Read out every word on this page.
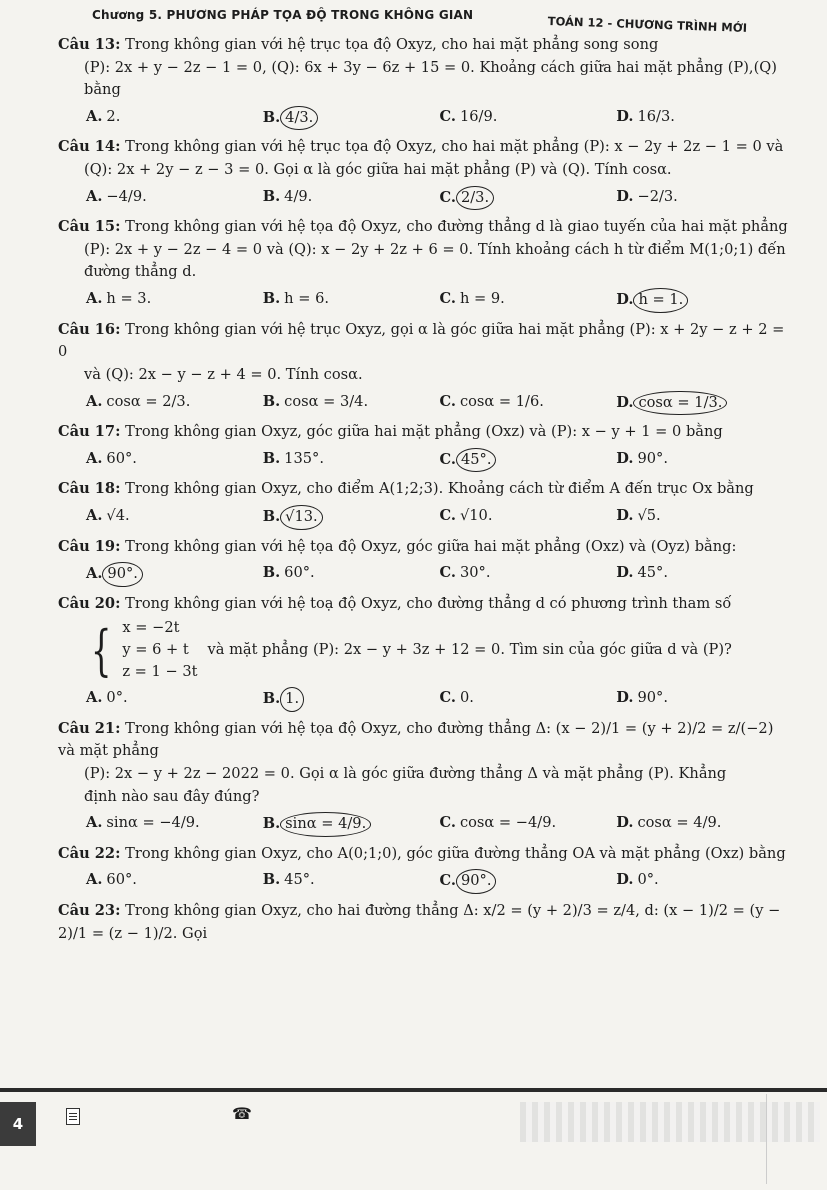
Chương 5. PHƯƠNG PHÁP TỌA ĐỘ TRONG KHÔNG GIAN	TOÁN 12 - CHƯƠNG TRÌNH MỚI
Câu 13: Trong không gian với hệ trục tọa độ Oxyz, cho hai mặt phẳng song song
(P): 2x + y − 2z − 1 = 0, (Q): 6x + 3y − 6z + 15 = 0. Khoảng cách giữa hai mặt phẳng (P),(Q)
bằng
A. 2.	B. 4/3.	C. 16/9.	D. 16/3.
Câu 14: Trong không gian với hệ trục tọa độ Oxyz, cho hai mặt phẳng (P): x − 2y + 2z − 1 = 0 và
(Q): 2x + 2y − z − 3 = 0. Gọi α là góc giữa hai mặt phẳng (P) và (Q). Tính cosα.
A. −4/9.	B. 4/9.	C. 2/3.	D. −2/3.
Câu 15: Trong không gian với hệ tọa độ Oxyz, cho đường thẳng d là giao tuyến của hai mặt phẳng
(P): 2x + y − 2z − 4 = 0 và (Q): x − 2y + 2z + 6 = 0. Tính khoảng cách h từ điểm M(1;0;1) đến
đường thẳng d.
A. h = 3.	B. h = 6.	C. h = 9.	D. h = 1.
Câu 16: Trong không gian với hệ trục Oxyz, gọi α là góc giữa hai mặt phẳng (P): x + 2y − z + 2 = 0
và (Q): 2x − y − z + 4 = 0. Tính cosα.
A. cosα = 2/3.	B. cosα = 3/4.	C. cosα = 1/6.	D. cosα = 1/3.
Câu 17: Trong không gian Oxyz, góc giữa hai mặt phẳng (Oxz) và (P): x − y + 1 = 0 bằng
A. 60°.	B. 135°.	C. 45°.	D. 90°.
Câu 18: Trong không gian Oxyz, cho điểm A(1;2;3). Khoảng cách từ điểm A đến trục Ox bằng
A. √4.	B. √13.	C. √10.	D. √5.
Câu 19: Trong không gian với hệ tọa độ Oxyz, góc giữa hai mặt phẳng (Oxz) và (Oyz) bằng:
A. 90°.	B. 60°.	C. 30°.	D. 45°.
Câu 20: Trong không gian với hệ toạ độ Oxyz, cho đường thẳng d có phương trình tham số
{ x = −2t
y = 6 + t
z = 1 − 3t
và mặt phẳng (P): 2x − y + 3z + 12 = 0. Tìm sin của góc giữa d và (P)?
A. 0°.	B. 1.	C. 0.	D. 90°.
Câu 21: Trong không gian với hệ tọa độ Oxyz, cho đường thẳng Δ: (x − 2)/1 = (y + 2)/2 = z/(−2) và mặt phẳng
(P): 2x − y + 2z − 2022 = 0. Gọi α là góc giữa đường thẳng Δ và mặt phẳng (P). Khẳng
định nào sau đây đúng?
A. sinα = −4/9.	B. sinα = 4/9.	C. cosα = −4/9.	D. cosα = 4/9.
Câu 22: Trong không gian Oxyz, cho A(0;1;0), góc giữa đường thẳng OA và mặt phẳng (Oxz) bằng
A. 60°.	B. 45°.	C. 90°.	D. 0°.
Câu 23: Trong không gian Oxyz, cho hai đường thẳng Δ: x/2 = (y + 2)/3 = z/4, d: (x − 1)/2 = (y − 2)/1 = (z − 1)/2. Gọi
4
☎
